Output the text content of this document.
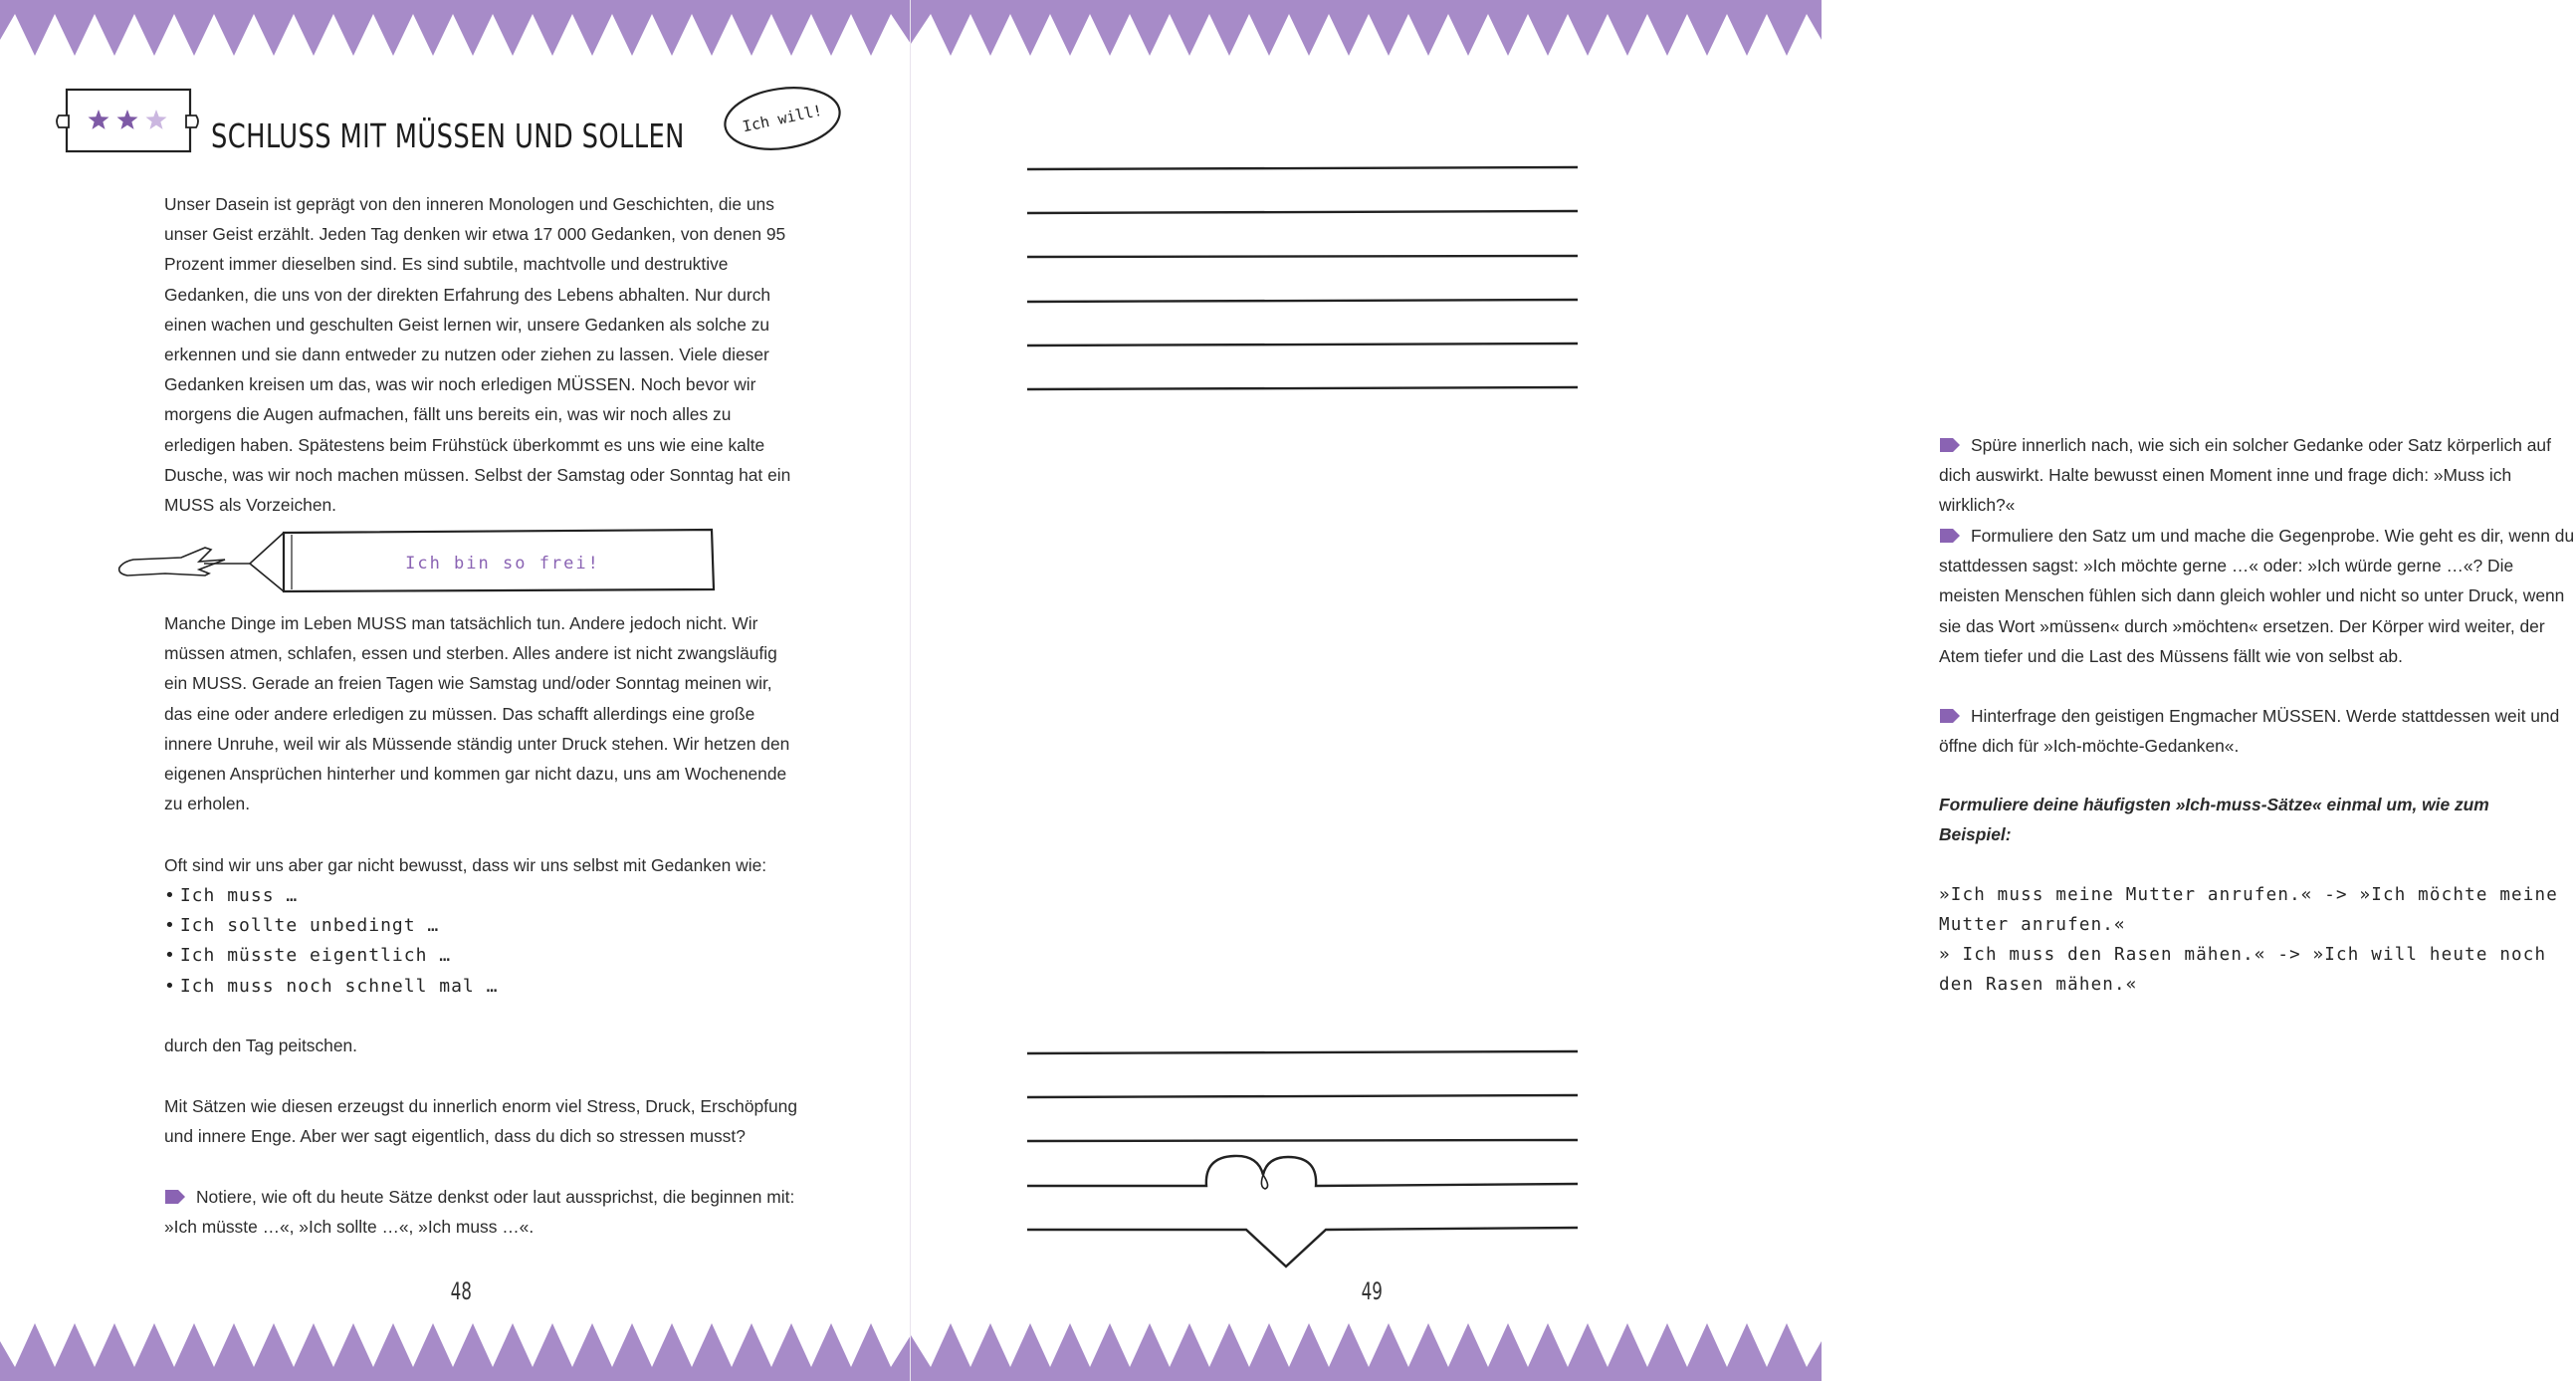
SCHLUSS MIT MÜSSEN UND SOLLEN	Ich will!

Unser Dasein ist geprägt von den inneren Monologen und Geschichten, die uns unser Geist erzählt. Jeden Tag denken wir etwa 17 000 Gedanken, von denen 95 Prozent immer dieselben sind. Es sind subtile, machtvolle und destruktive Gedanken, die uns von der direkten Erfahrung des Lebens abhalten. Nur durch einen wachen und geschulten Geist lernen wir, unsere Gedanken als solche zu erkennen und sie dann entweder zu nutzen oder ziehen zu lassen. Viele dieser Gedanken kreisen um das, was wir noch erledigen MÜSSEN. Noch bevor wir morgens die Augen aufmachen, fällt uns bereits ein, was wir noch alles zu erledigen haben. Spätestens beim Frühstück überkommt es uns wie eine kalte Dusche, was wir noch machen müssen. Selbst der Samstag oder Sonntag hat ein MUSS als Vorzeichen.

Ich bin so frei!

Manche Dinge im Leben MUSS man tatsächlich tun. Andere jedoch nicht. Wir müssen atmen, schlafen, essen und sterben. Alles andere ist nicht zwangsläufig ein MUSS. Gerade an freien Tagen wie Samstag und/oder Sonntag meinen wir, das eine oder andere erledigen zu müssen. Das schafft allerdings eine große innere Unruhe, weil wir als Müssende ständig unter Druck stehen. Wir hetzen den eigenen Ansprüchen hinterher und kommen gar nicht dazu, uns am Wochenende zu erholen.

Oft sind wir uns aber gar nicht bewusst, dass wir uns selbst mit Gedanken wie:

• Ich muss …
• Ich sollte unbedingt …
• Ich müsste eigentlich …
• Ich muss noch schnell mal …

durch den Tag peitschen.

Mit Sätzen wie diesen erzeugst du innerlich enorm viel Stress, Druck, Erschöpfung und innere Enge. Aber wer sagt eigentlich, dass du dich so stressen musst?

Notiere, wie oft du heute Sätze denkst oder laut aussprichst, die beginnen mit: »Ich müsste …«, »Ich sollte …«, »Ich muss …«.

48

Spüre innerlich nach, wie sich ein solcher Gedanke oder Satz körperlich auf dich auswirkt. Halte bewusst einen Moment inne und frage dich: »Muss ich wirklich?«

Formuliere den Satz um und mache die Gegenprobe. Wie geht es dir, wenn du stattdessen sagst: »Ich möchte gerne …« oder: »Ich würde gerne …«? Die meisten Menschen fühlen sich dann gleich wohler und nicht so unter Druck, wenn sie das Wort »müssen« durch »möchten« ersetzen. Der Körper wird weiter, der Atem tiefer und die Last des Müssens fällt wie von selbst ab.

Hinterfrage den geistigen Engmacher MÜSSEN. Werde stattdessen weit und öffne dich für »Ich-möchte-Gedanken«.

Formuliere deine häufigsten »Ich-muss-Sätze« einmal um, wie zum Beispiel:

»Ich muss meine Mutter anrufen.« -> »Ich möchte meine Mutter anrufen.«

» Ich muss den Rasen mähen.« -> »Ich will heute noch den Rasen mähen.«

49
